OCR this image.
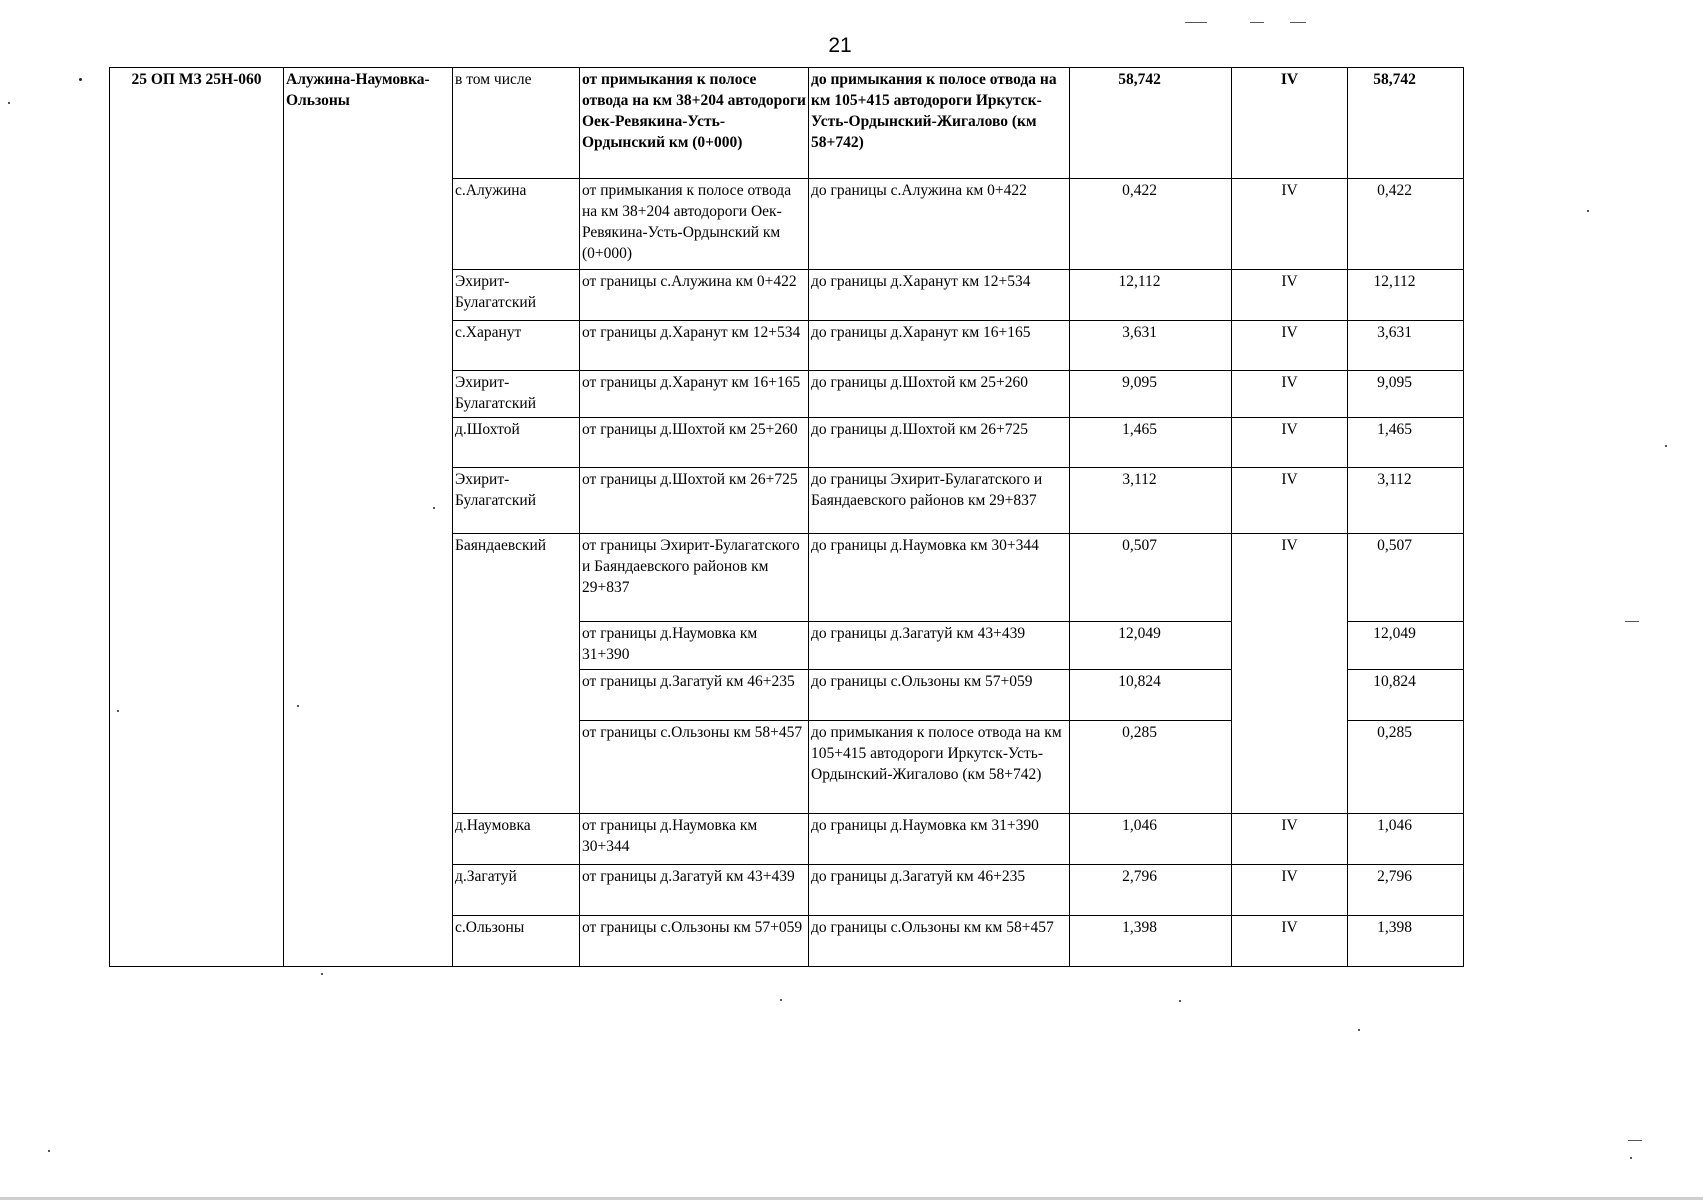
21
25 ОП МЗ 25Н-060	Алужина-Наумовка-Ользоны	в том числе	от примыкания к полосе отвода на км 38+204 автодороги Оек-Ревякина-Усть-Ордынский км (0+000)	до примыкания к полосе отвода на км 105+415 автодороги Иркутск-Усть-Ордынский-Жигалово (км 58+742)	58,742	IV	58,742
		с.Алужина	от примыкания к полосе отвода на км 38+204 автодороги Оек-Ревякина-Усть-Ордынский км (0+000)	до границы с.Алужина км 0+422	0,422	IV	0,422
		Эхирит-Булагатский	от границы с.Алужина км 0+422	до границы д.Харанут км 12+534	12,112	IV	12,112
		с.Харанут	от границы д.Харанут км 12+534	до границы д.Харанут км 16+165	3,631	IV	3,631
		Эхирит-Булагатский	от границы д.Харанут км 16+165	до границы д.Шохтой км 25+260	9,095	IV	9,095
		д.Шохтой	от границы д.Шохтой км 25+260	до границы д.Шохтой км 26+725	1,465	IV	1,465
		Эхирит-Булагатский	от границы д.Шохтой км 26+725	до границы Эхирит-Булагатского и Баяндаевского районов км 29+837	3,112	IV	3,112
		Баяндаевский	от границы Эхирит-Булагатского и Баяндаевского районов км 29+837	до границы д.Наумовка км 30+344	0,507	IV	0,507
			от границы д.Наумовка км 31+390	до границы д.Загатуй км 43+439	12,049		12,049
			от границы д.Загатуй км 46+235	до границы с.Ользоны км 57+059	10,824		10,824
			от границы с.Ользоны км 58+457	до примыкания к полосе отвода на км 105+415 автодороги Иркутск-Усть-Ордынский-Жигалово (км 58+742)	0,285		0,285
		д.Наумовка	от границы д.Наумовка км 30+344	до границы д.Наумовка км 31+390	1,046	IV	1,046
		д.Загатуй	от границы д.Загатуй км 43+439	до границы д.Загатуй км 46+235	2,796	IV	2,796
		с.Ользоны	от границы с.Ользоны км 57+059	до границы с.Ользоны км км 58+457	1,398	IV	1,398
